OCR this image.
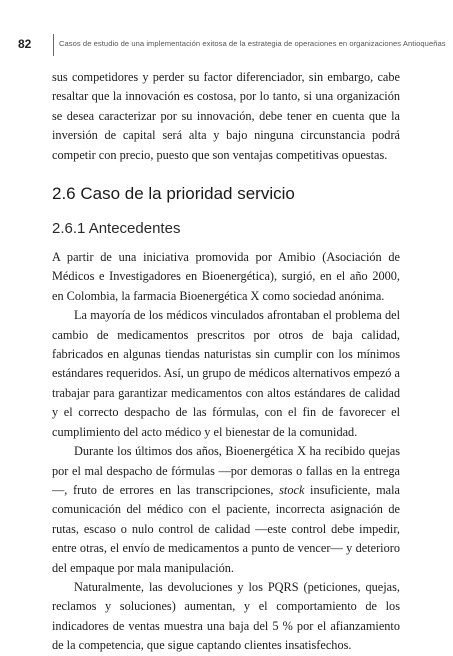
82	Casos de estudio de una implementación exitosa de la estrategia de operaciones en organizaciones Antioqueñas

sus competidores y perder su factor diferenciador, sin embargo, cabe resaltar que la innovación es costosa, por lo tanto, si una organización se desea caracterizar por su innovación, debe tener en cuenta que la inversión de capital será alta y bajo ninguna circunstancia podrá competir con precio, puesto que son ventajas competitivas opuestas.

2.6 Caso de la prioridad servicio
2.6.1 Antecedentes

A partir de una iniciativa promovida por Amibio (Asociación de Médicos e Investigadores en Bioenergética), surgió, en el año 2000, en Colombia, la farmacia Bioenergética X como sociedad anónima.

La mayoría de los médicos vinculados afrontaban el problema del cambio de medicamentos prescritos por otros de baja calidad, fabricados en algunas tiendas naturistas sin cumplir con los mínimos estándares requeridos. Así, un grupo de médicos alternativos empezó a trabajar para garantizar medicamentos con altos estándares de calidad y el correcto despacho de las fórmulas, con el fin de favorecer el cumplimiento del acto médico y el bienestar de la comunidad.

Durante los últimos dos años, Bioenergética X ha recibido quejas por el mal despacho de fórmulas —por demoras o fallas en la entrega—, fruto de errores en las transcripciones, stock insuficiente, mala comunicación del médico con el paciente, incorrecta asignación de rutas, escaso o nulo control de calidad —este control debe impedir, entre otras, el envío de medicamentos a punto de vencer— y deterioro del empaque por mala manipulación.

Naturalmente, las devoluciones y los PQRS (peticiones, quejas, reclamos y soluciones) aumentan, y el comportamiento de los indicadores de ventas muestra una baja del 5 % por el afianzamiento de la competencia, que sigue captando clientes insatisfechos.
